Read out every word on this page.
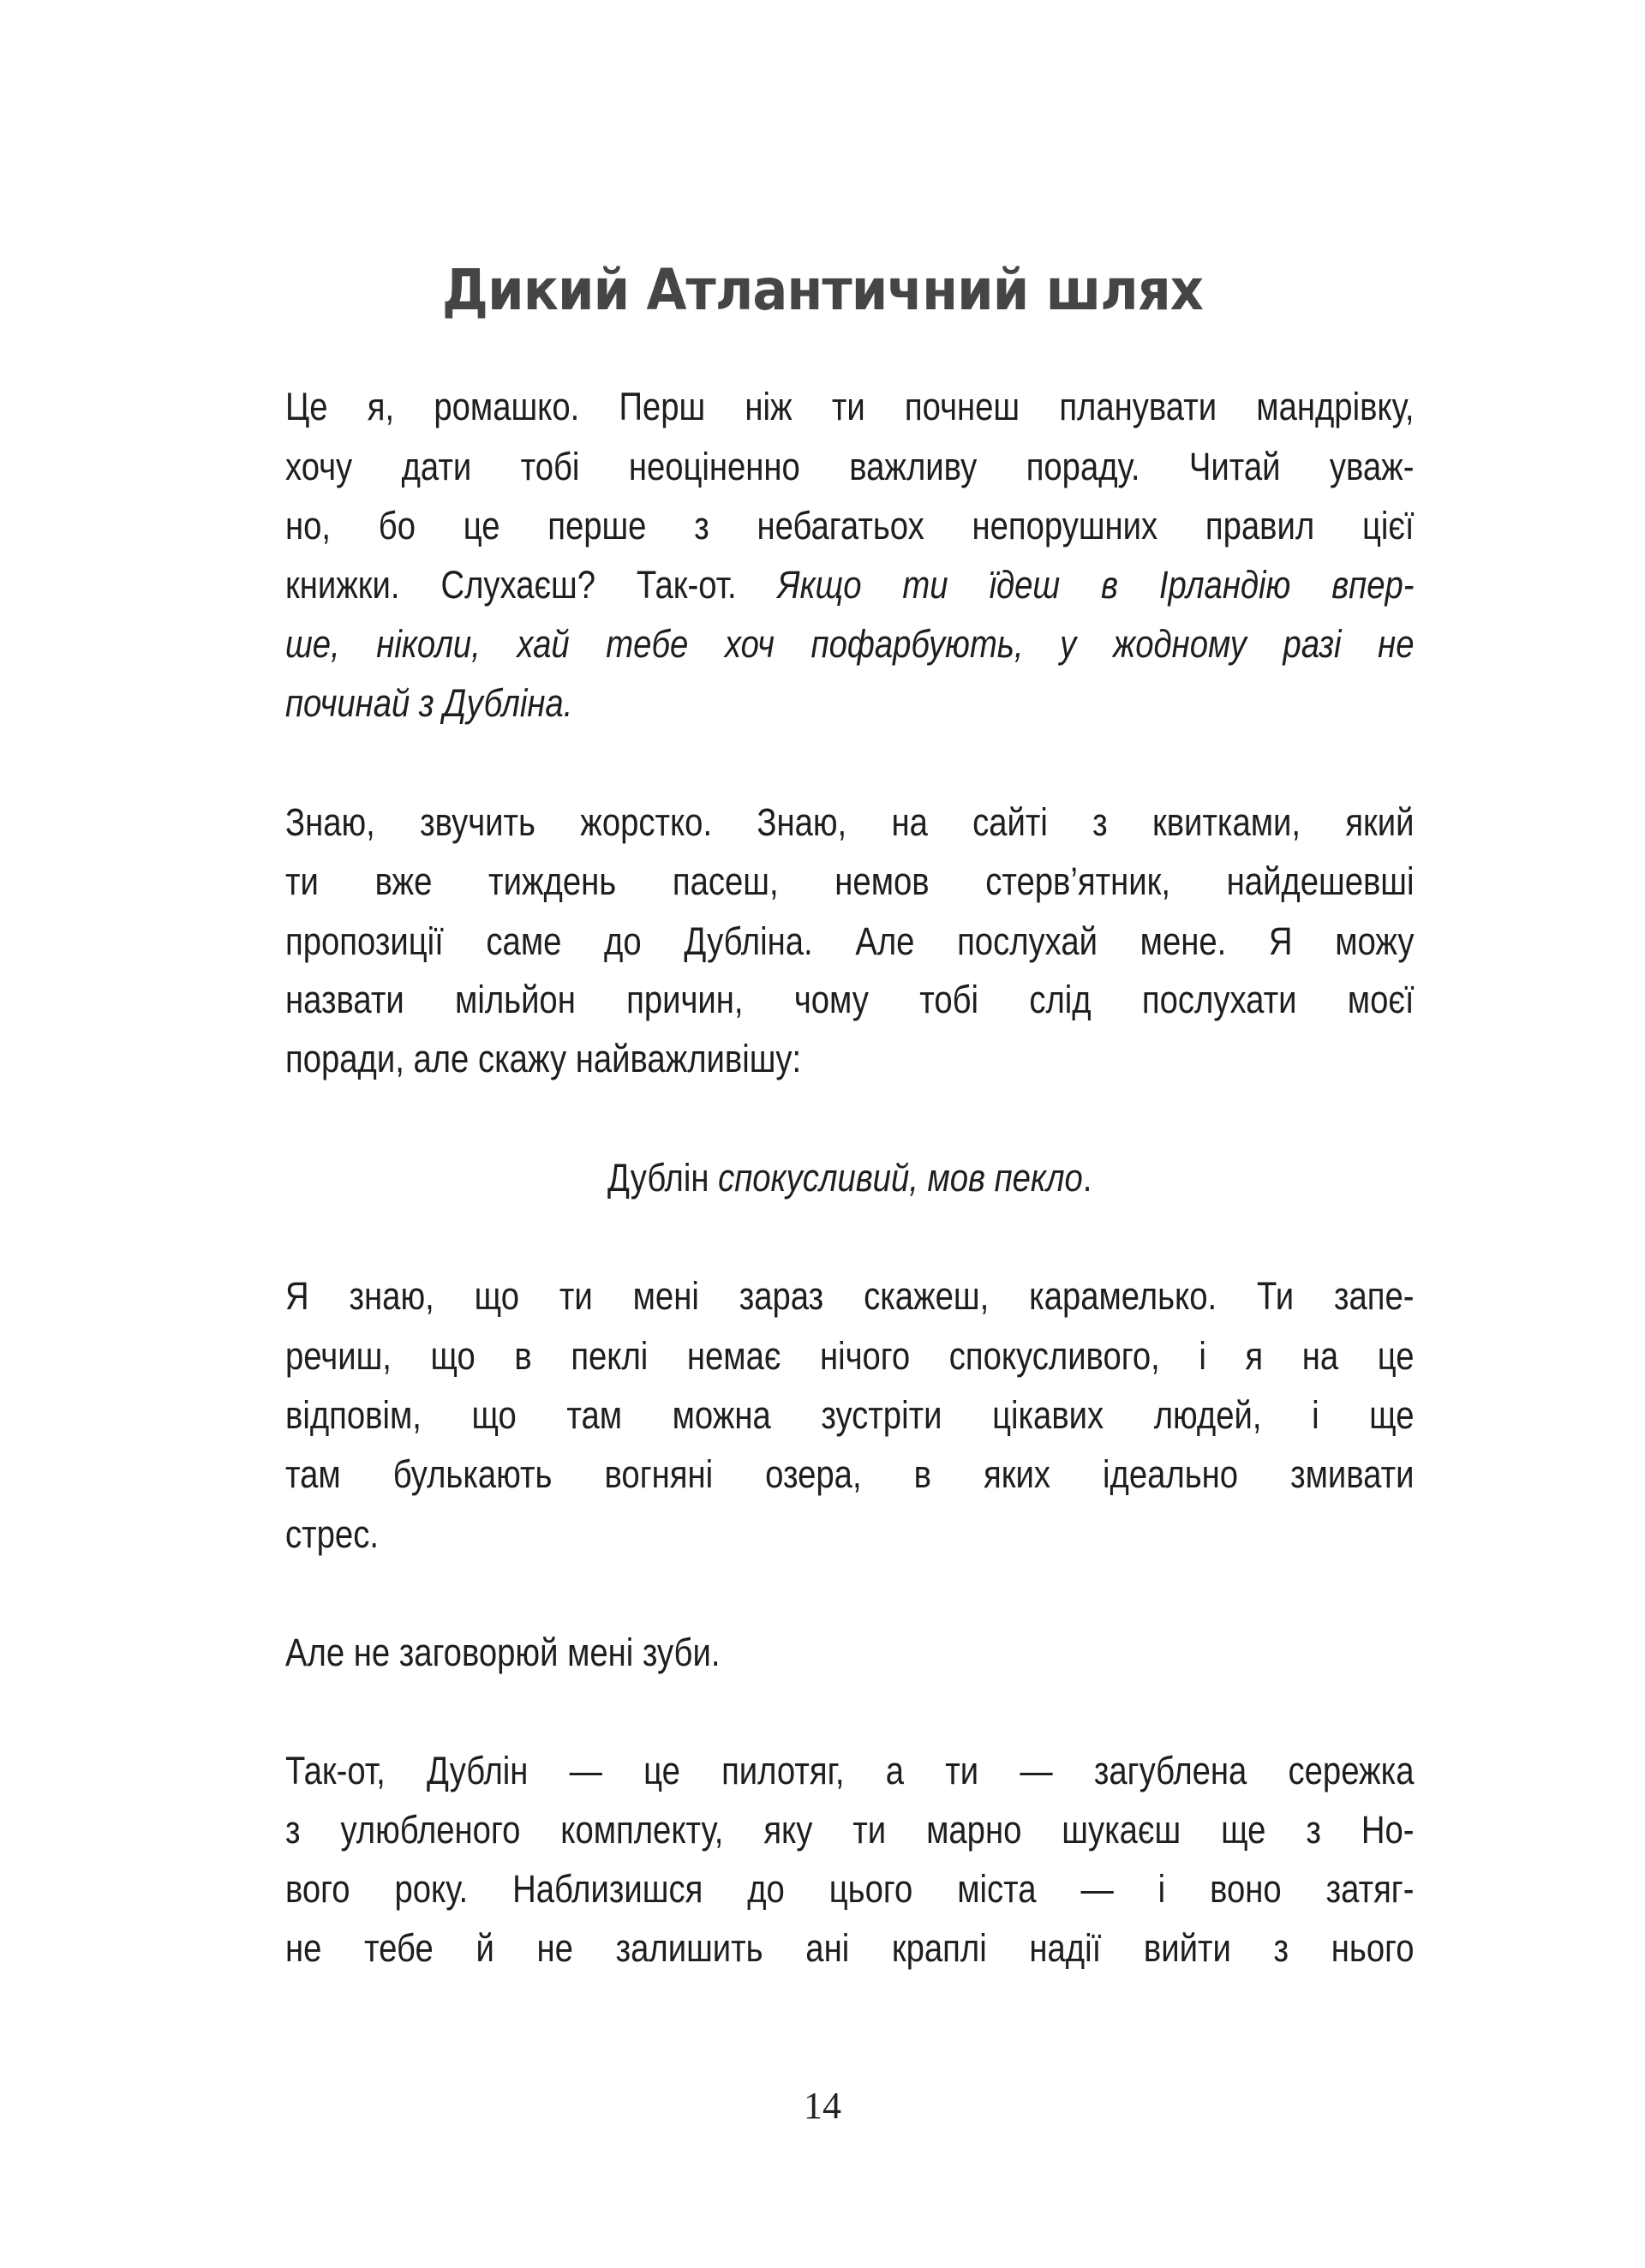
Дикий Атлантичний шлях
Це я, ромашко. Перш ніж ти почнеш планувати мандрівку,
хочу дати тобі неоціненно важливу пораду. Читай уваж-
но, бо це перше з небагатьох непорушних правил цієї
книжки. Слухаєш? Так-от. Якщо ти їдеш в Ірландію впер-
ше, ніколи, хай тебе хоч пофарбують, у жодному разі не
починай з Дубліна.
Знаю, звучить жорстко. Знаю, на сайті з квитками, який
ти вже тиждень пасеш, немов стерв’ятник, найдешевші
пропозиції саме до Дубліна. Але послухай мене. Я можу
назвати мільйон причин, чому тобі слід послухати моєї
поради, але скажу найважливішу:
Дублін спокусливий, мов пекло.
Я знаю, що ти мені зараз скажеш, карамелько. Ти запе-
речиш, що в пеклі немає нічого спокусливого, і я на це
відповім, що там можна зустріти цікавих людей, і ще
там булькають вогняні озера, в яких ідеально змивати
стрес.
Але не заговорюй мені зуби.
Так-от, Дублін — це пилотяг, а ти — загублена сережка
з улюбленого комплекту, яку ти марно шукаєш ще з Но-
вого року. Наблизишся до цього міста — і воно затяг-
не тебе й не залишить ані краплі надії вийти з нього
14
